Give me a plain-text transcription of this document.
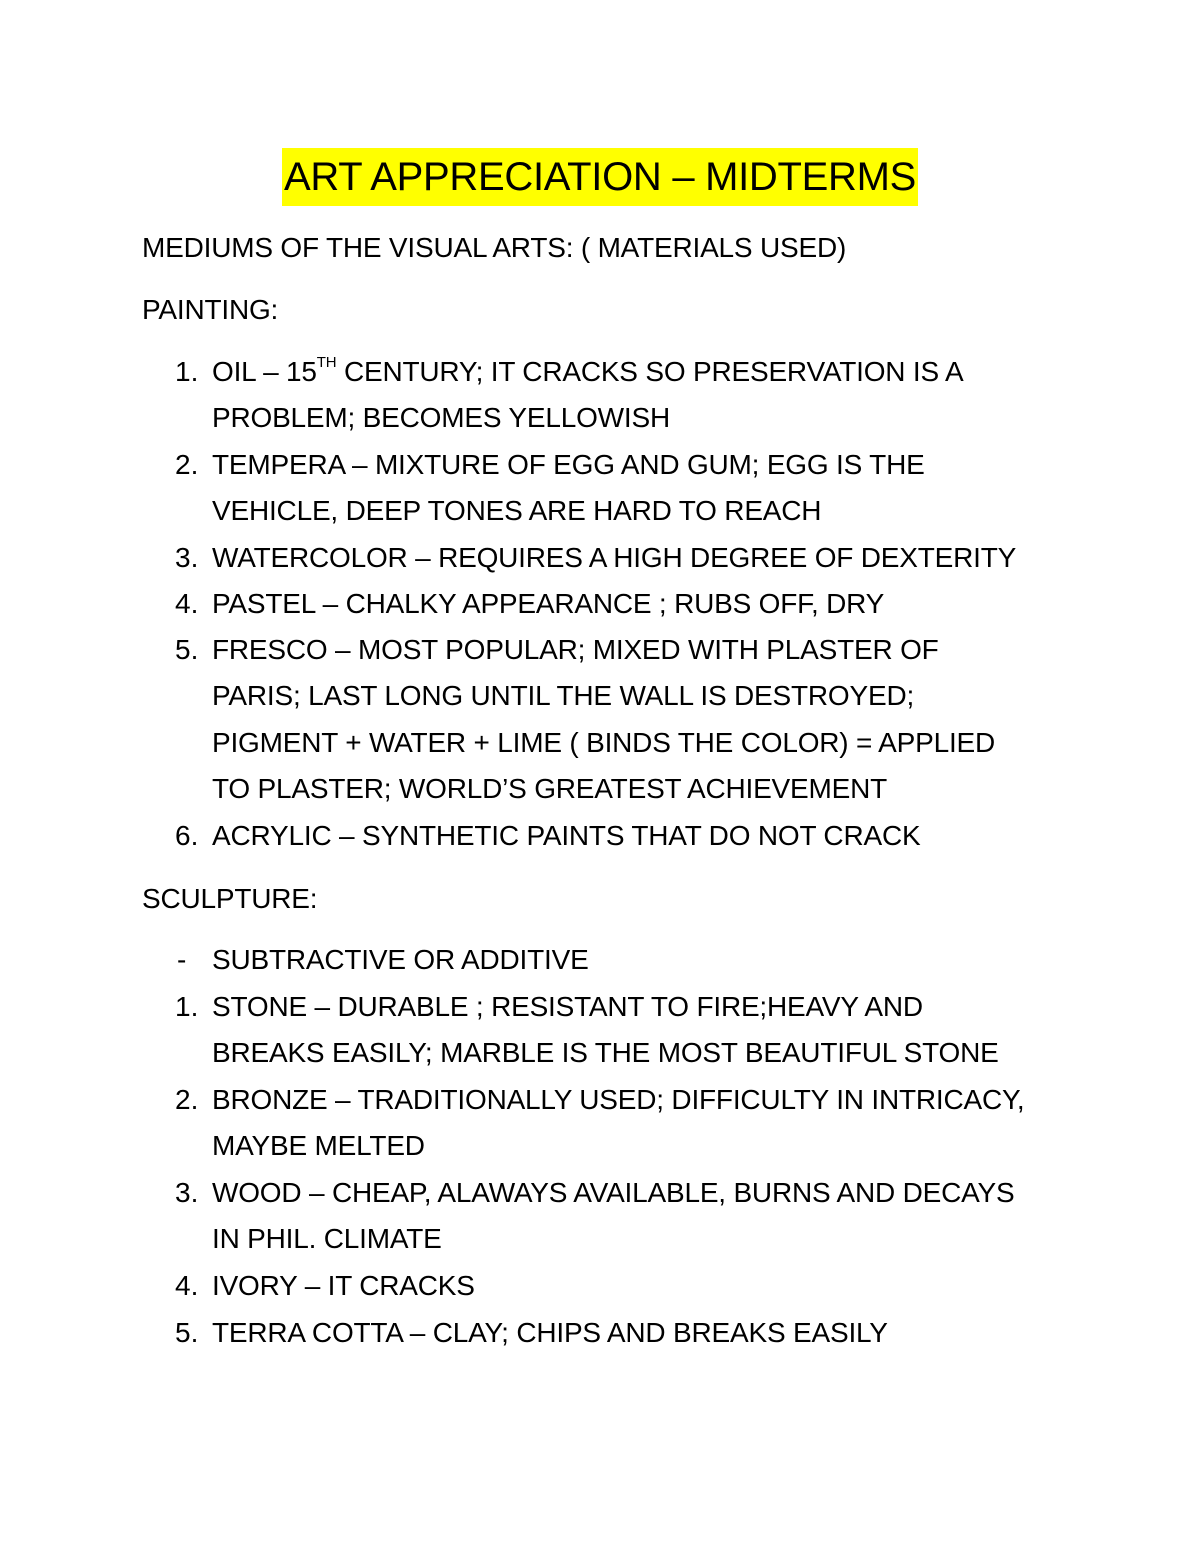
ART APPRECIATION – MIDTERMS
MEDIUMS OF THE VISUAL ARTS: ( MATERIALS USED)
PAINTING:
1. OIL – 15TH CENTURY; IT CRACKS SO PRESERVATION IS A
PROBLEM; BECOMES YELLOWISH
2. TEMPERA – MIXTURE OF EGG AND GUM; EGG IS THE
VEHICLE, DEEP TONES ARE HARD TO REACH
3. WATERCOLOR – REQUIRES A HIGH DEGREE OF DEXTERITY
4. PASTEL – CHALKY APPEARANCE ; RUBS OFF, DRY
5. FRESCO – MOST POPULAR; MIXED WITH PLASTER OF
PARIS; LAST LONG UNTIL THE WALL IS DESTROYED;
PIGMENT + WATER + LIME ( BINDS THE COLOR) = APPLIED
TO PLASTER; WORLD’S GREATEST ACHIEVEMENT
6. ACRYLIC – SYNTHETIC PAINTS THAT DO NOT CRACK
SCULPTURE:
- SUBTRACTIVE OR ADDITIVE
1. STONE – DURABLE ; RESISTANT TO FIRE;HEAVY AND
BREAKS EASILY; MARBLE IS THE MOST BEAUTIFUL STONE
2. BRONZE – TRADITIONALLY USED; DIFFICULTY IN INTRICACY,
MAYBE MELTED
3. WOOD – CHEAP, ALAWAYS AVAILABLE, BURNS AND DECAYS
IN PHIL. CLIMATE
4. IVORY – IT CRACKS
5. TERRA COTTA – CLAY; CHIPS AND BREAKS EASILY
